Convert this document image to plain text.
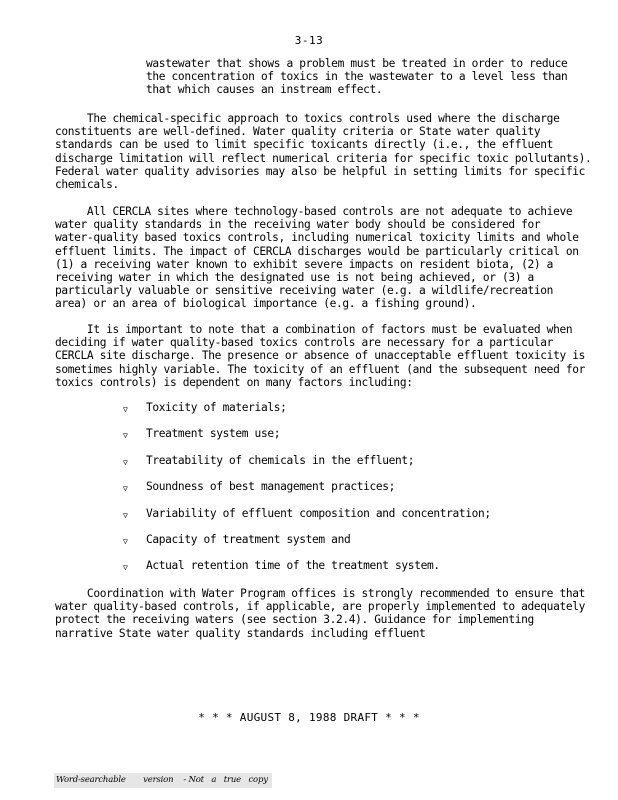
3-13

wastewater that shows a problem must be treated in order to reduce
the concentration of toxics in the wastewater to a level less than
that which causes an instream effect.

The chemical-specific approach to toxics controls used where the discharge
constituents are well-defined. Water quality criteria or State water quality
standards can be used to limit specific toxicants directly (i.e., the effluent
discharge limitation will reflect numerical criteria for specific toxic pollutants).
Federal water quality advisories may also be helpful in setting limits for specific
chemicals.

All CERCLA sites where technology-based controls are not adequate to achieve
water quality standards in the receiving water body should be considered for
water-quality based toxics controls, including numerical toxicity limits and whole
effluent limits. The impact of CERCLA discharges would be particularly critical on
(1) a receiving water known to exhibit severe impacts on resident biota, (2) a
receiving water in which the designated use is not being achieved, or (3) a
particularly valuable or sensitive receiving water (e.g. a wildlife/recreation
area) or an area of biological importance (e.g. a fishing ground).

It is important to note that a combination of factors must be evaluated when
deciding if water quality-based toxics controls are necessary for a particular
CERCLA site discharge. The presence or absence of unacceptable effluent toxicity is
sometimes highly variable. The toxicity of an effluent (and the subsequent need for
toxics controls) is dependent on many factors including:

▽ Toxicity of materials;
▽ Treatment system use;
▽ Treatability of chemicals in the effluent;
▽ Soundness of best management practices;
▽ Variability of effluent composition and concentration;
▽ Capacity of treatment system and
▽ Actual retention time of the treatment system.

Coordination with Water Program offices is strongly recommended to ensure that
water quality-based controls, if applicable, are properly implemented to adequately
protect the receiving waters (see section 3.2.4). Guidance for implementing
narrative State water quality standards including effluent

* * * AUGUST 8, 1988 DRAFT * * *
Word-searchable       version    - Not   a   true   copy
